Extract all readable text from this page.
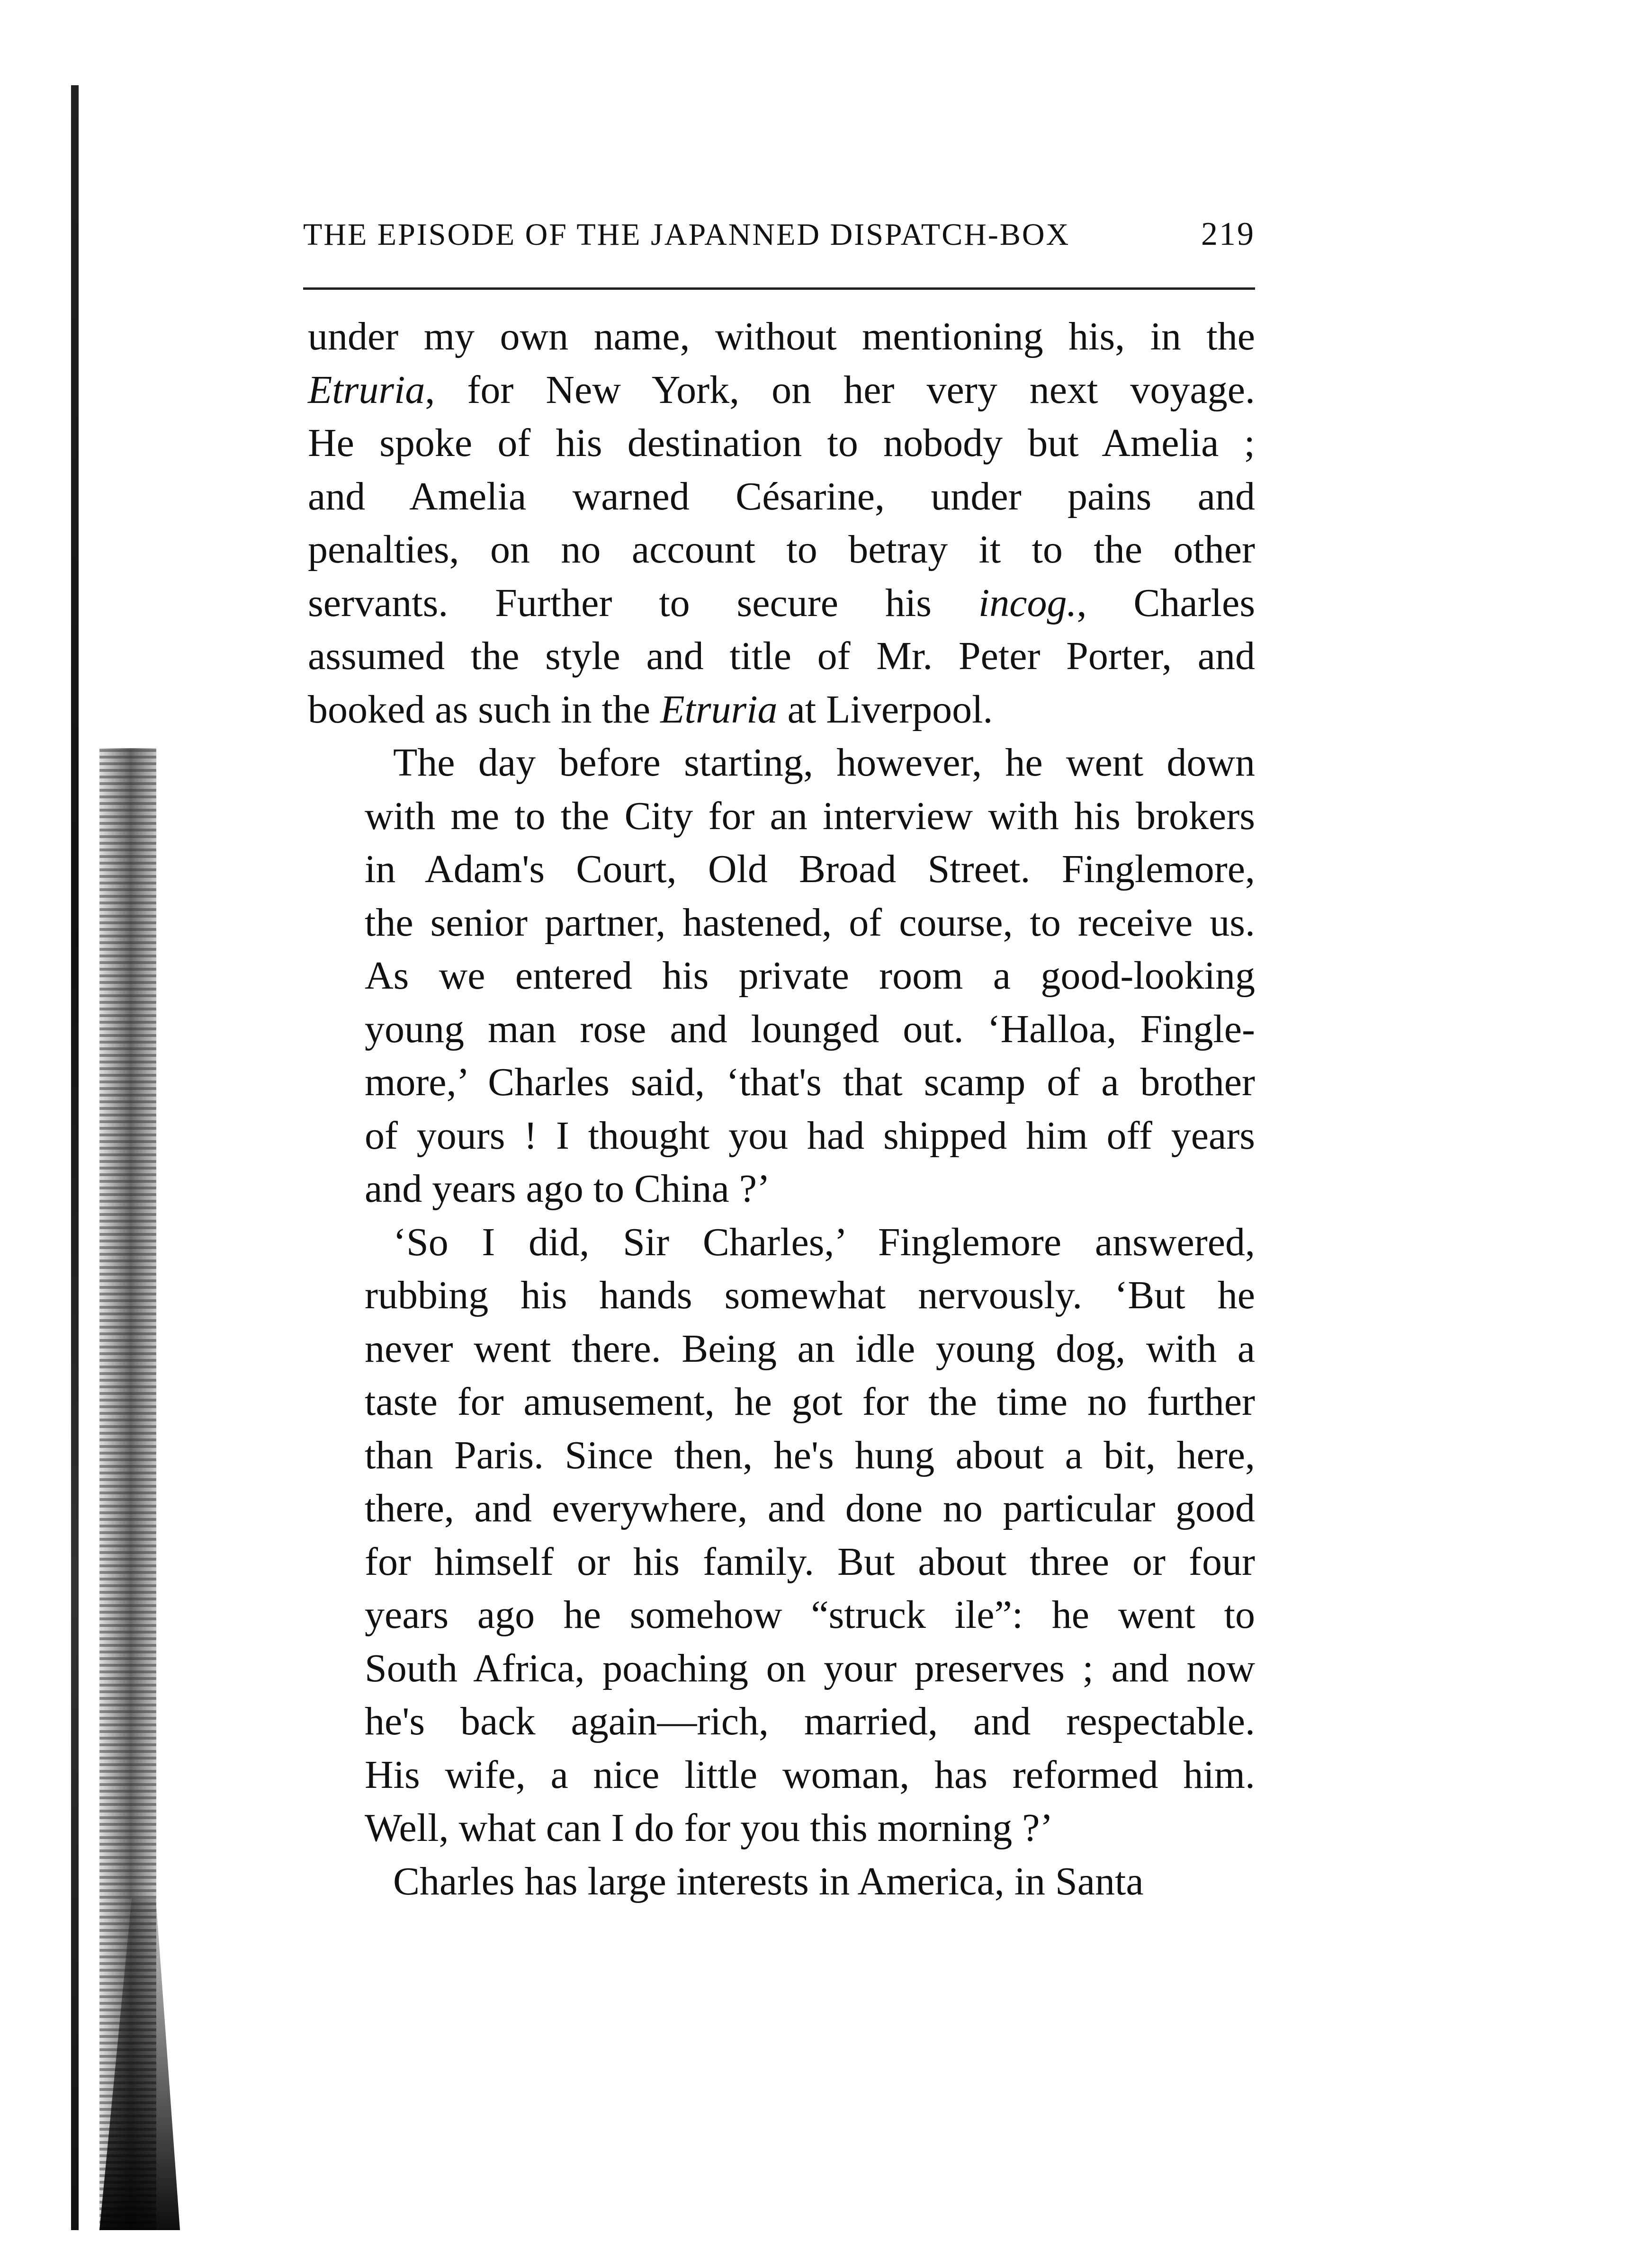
THE EPISODE OF THE JAPANNED DISPATCH-BOX	219

under my own name, without mentioning his, in the
Etruria, for New York, on her very next voyage.
He spoke of his destination to nobody but Amelia ;
and Amelia warned Césarine, under pains and
penalties, on no account to betray it to the other
servants. Further to secure his incog., Charles
assumed the style and title of Mr. Peter Porter, and
booked as such in the Etruria at Liverpool.

The day before starting, however, he went down
with me to the City for an interview with his brokers
in Adam's Court, Old Broad Street. Finglemore,
the senior partner, hastened, of course, to receive us.
As we entered his private room a good-looking
young man rose and lounged out. ‘Halloa, Fingle-
more,’ Charles said, ‘that's that scamp of a brother
of yours ! I thought you had shipped him off years
and years ago to China ?’

‘So I did, Sir Charles,’ Finglemore answered,
rubbing his hands somewhat nervously. ‘But he
never went there. Being an idle young dog, with a
taste for amusement, he got for the time no further
than Paris. Since then, he's hung about a bit, here,
there, and everywhere, and done no particular good
for himself or his family. But about three or four
years ago he somehow “struck ile”: he went to
South Africa, poaching on your preserves ; and now
he's back again—rich, married, and respectable.
His wife, a nice little woman, has reformed him.
Well, what can I do for you this morning ?’

Charles has large interests in America, in Santa
